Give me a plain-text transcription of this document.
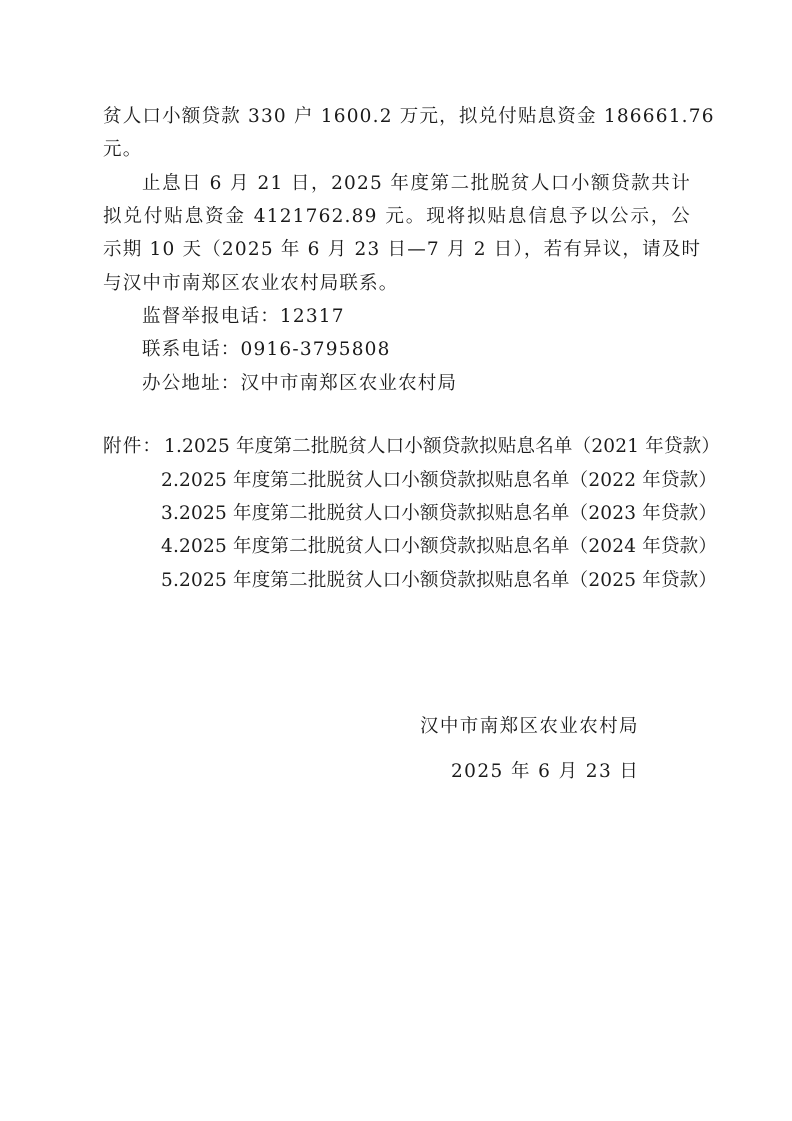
贫人口小额贷款 330 户 1600.2 万元，拟兑付贴息资金 186661.76
元。
止息日 6 月 21 日，2025 年度第二批脱贫人口小额贷款共计
拟兑付贴息资金 4121762.89 元。现将拟贴息信息予以公示，公
示期 10 天（2025 年 6 月 23 日—7 月 2 日），若有异议，请及时
与汉中市南郑区农业农村局联系。
监督举报电话：12317
联系电话：0916-3795808
办公地址：汉中市南郑区农业农村局
附件： 1.2025 年度第二批脱贫人口小额贷款拟贴息名单（2021 年贷款）
2.2025 年度第二批脱贫人口小额贷款拟贴息名单（2022 年贷款）
3.2025 年度第二批脱贫人口小额贷款拟贴息名单（2023 年贷款）
4.2025 年度第二批脱贫人口小额贷款拟贴息名单（2024 年贷款）
5.2025 年度第二批脱贫人口小额贷款拟贴息名单（2025 年贷款）
汉中市南郑区农业农村局
2025 年 6 月 23 日
